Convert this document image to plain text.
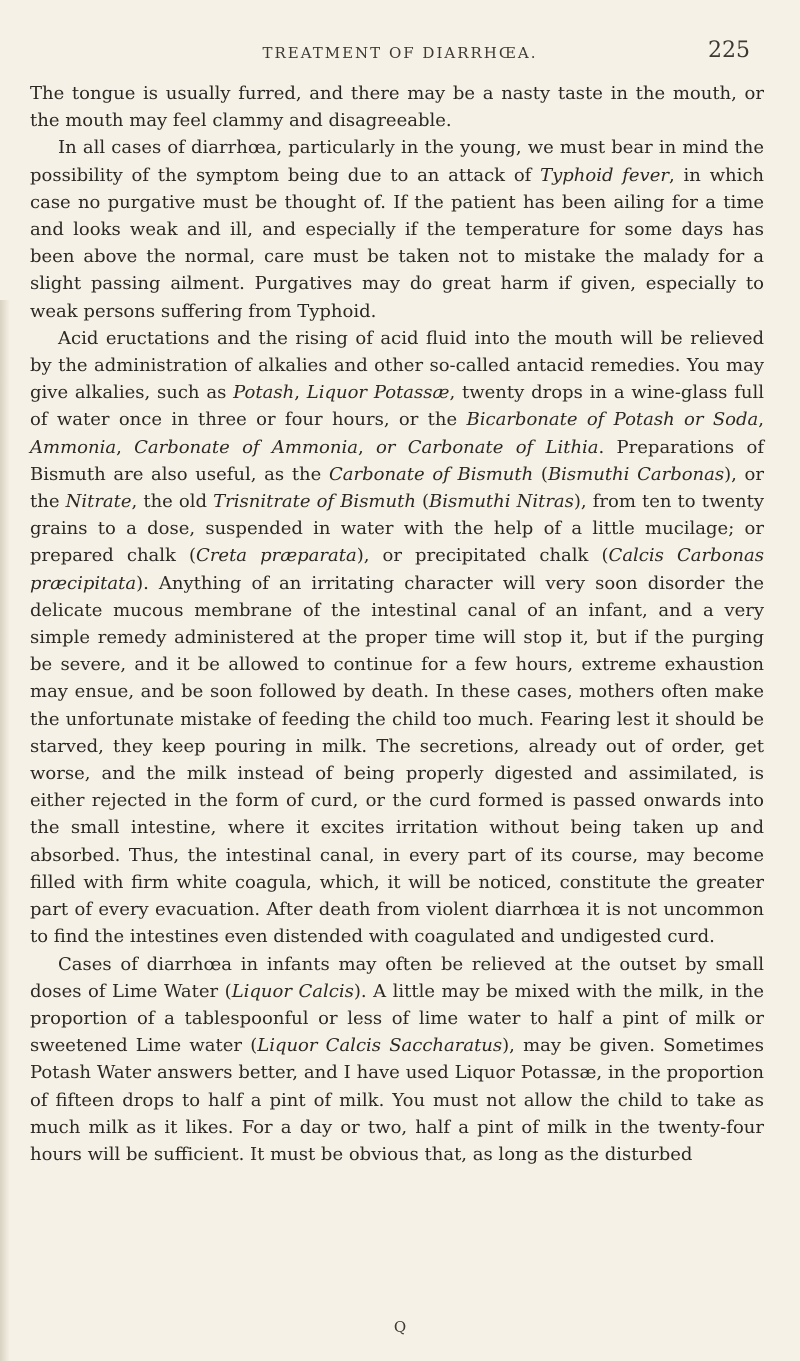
TREATMENT OF DIARRHŒA.	225

The tongue is usually furred, and there may be a nasty taste in the mouth, or the mouth may feel clammy and disagreeable.

In all cases of diarrhœa, particularly in the young, we must bear in mind the possibility of the symptom being due to an attack of Typhoid fever, in which case no purgative must be thought of. If the patient has been ailing for a time and looks weak and ill, and especially if the temperature for some days has been above the normal, care must be taken not to mistake the malady for a slight passing ailment. Purgatives may do great harm if given, especially to weak persons suffering from Typhoid.

Acid eructations and the rising of acid fluid into the mouth will be relieved by the administration of alkalies and other so-called antacid remedies. You may give alkalies, such as Potash, Liquor Potassæ, twenty drops in a wine-glass full of water once in three or four hours, or the Bicarbonate of Potash or Soda, Ammonia, Carbonate of Ammonia, or Carbonate of Lithia. Preparations of Bismuth are also useful, as the Carbonate of Bismuth (Bismuthi Carbonas), or the Nitrate, the old Trisnitrate of Bismuth (Bismuthi Nitras), from ten to twenty grains to a dose, suspended in water with the help of a little mucilage; or prepared chalk (Creta præparata), or precipitated chalk (Calcis Carbonas præcipitata). Anything of an irritating character will very soon disorder the delicate mucous membrane of the intestinal canal of an infant, and a very simple remedy administered at the proper time will stop it, but if the purging be severe, and it be allowed to continue for a few hours, extreme exhaustion may ensue, and be soon followed by death. In these cases, mothers often make the unfortunate mistake of feeding the child too much. Fearing lest it should be starved, they keep pouring in milk. The secretions, already out of order, get worse, and the milk instead of being properly digested and assimilated, is either rejected in the form of curd, or the curd formed is passed onwards into the small intestine, where it excites irritation without being taken up and absorbed. Thus, the intestinal canal, in every part of its course, may become filled with firm white coagula, which, it will be noticed, constitute the greater part of every evacuation. After death from violent diarrhœa it is not uncommon to find the intestines even distended with coagulated and undigested curd.

Cases of diarrhœa in infants may often be relieved at the outset by small doses of Lime Water (Liquor Calcis). A little may be mixed with the milk, in the proportion of a tablespoonful or less of lime water to half a pint of milk or sweetened Lime water (Liquor Calcis Saccharatus), may be given. Sometimes Potash Water answers better, and I have used Liquor Potassæ, in the proportion of fifteen drops to half a pint of milk. You must not allow the child to take as much milk as it likes. For a day or two, half a pint of milk in the twenty-four hours will be sufficient. It must be obvious that, as long as the disturbed

Q
